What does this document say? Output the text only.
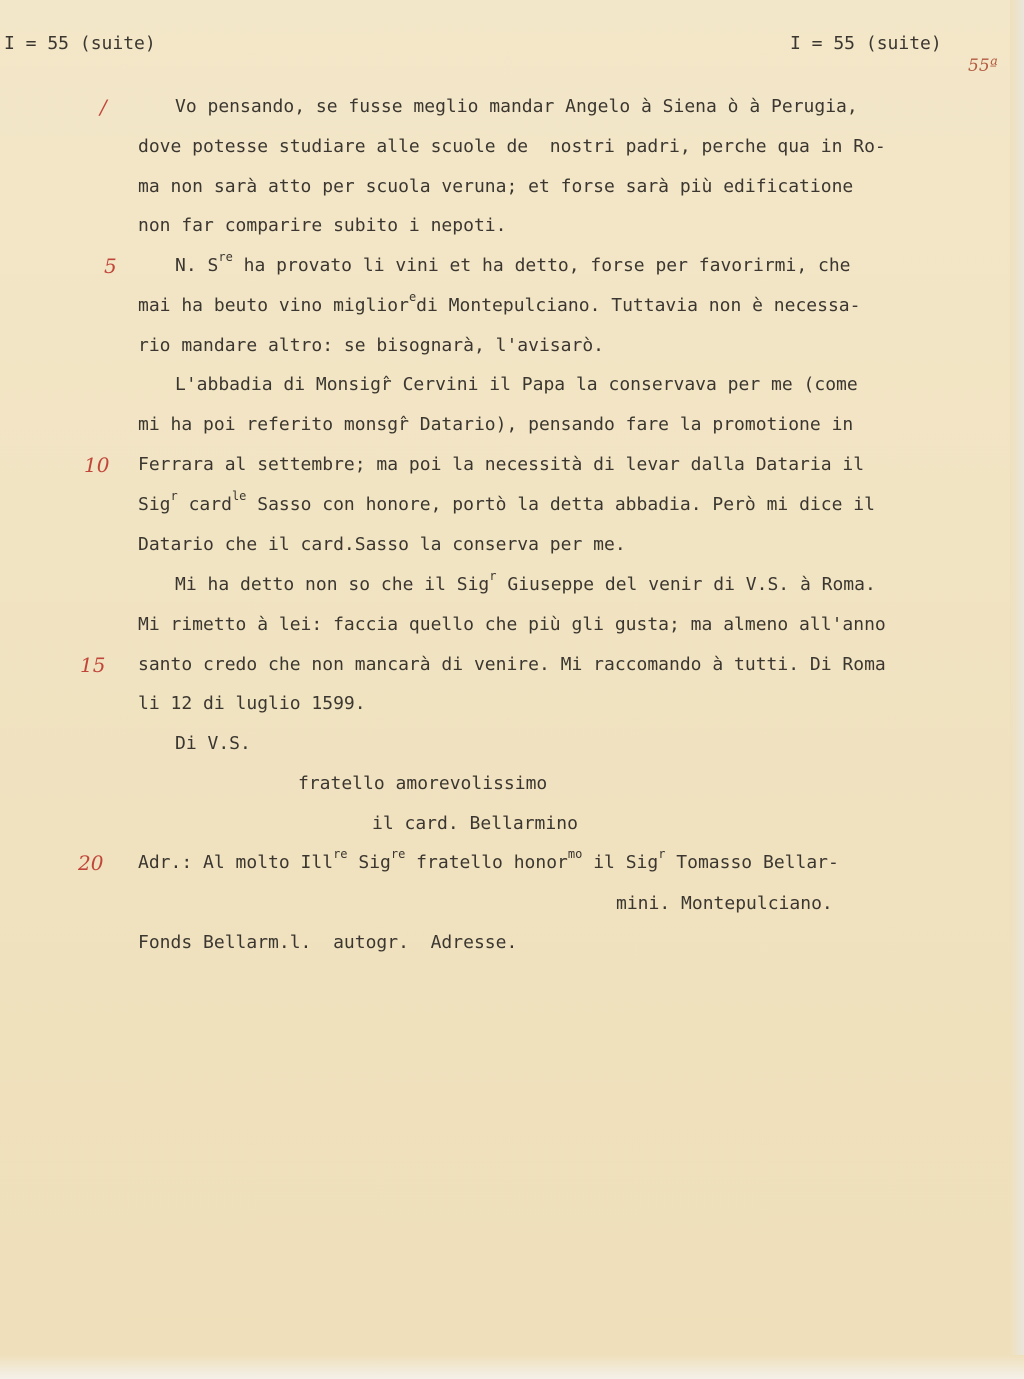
I = 55 (suite)	I = 55 (suite)
55ª
/
5
10
15
20
Vo pensando, se fusse meglio mandar Angelo à Siena ò à Perugia,
dove potesse studiare alle scuole de  nostri padri, perche qua in Ro-
ma non sarà atto per scuola veruna; et forse sarà più edificatione
non far comparire subito i nepoti.
N. $S^{re}$ ha provato li vini et ha detto, forse per favorirmi, che
mai ha beuto vino miglior$^e$di Montepulciano. Tuttavia non è necessa-
rio mandare altro: se bisognarà, l'avisarò.
L'abbadia di Monsigr̂ Cervini il Papa la conservava per me (come
mi ha poi referito monsgr̂ Datario), pensando fare la promotione in
Ferrara al settembre; ma poi la necessità di levar dalla Dataria il
Sig$^r$ card$^{le}$ Sasso con honore, portò la detta abbadia. Però mi dice il
Datario che il card.Sasso la conserva per me.
Mi ha detto non so che il Sig$^r$ Giuseppe del venir di V.S. à Roma.
Mi rimetto à lei: faccia quello che più gli gusta; ma almeno all'anno
santo credo che non mancarà di venire. Mi raccomando à tutti. Di Roma
li 12 di luglio 1599.
Di V.S.
fratello amorevolissimo
il card. Bellarmino
Adr.: Al molto Ill$^{re}$ Sig$^{re}$ fratello honor$^{mo}$ il Sig$^r$ Tomasso Bellar-
mini. Montepulciano.
Fonds Bellarm.l.  autogr.  Adresse.
